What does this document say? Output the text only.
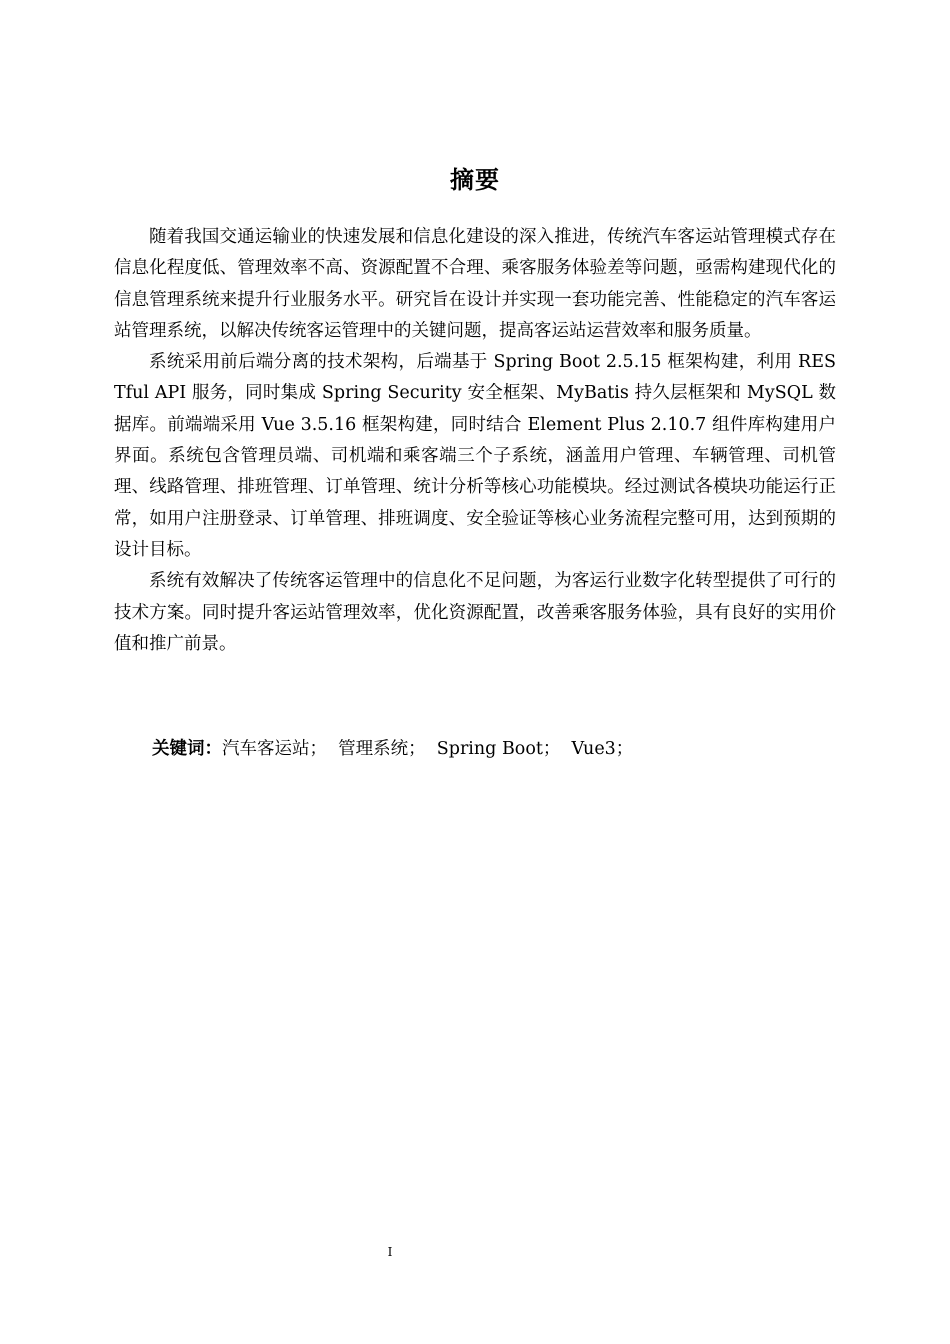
摘要

随着我国交通运输业的快速发展和信息化建设的深入推进，传统汽车客运站管理模式存在信息化程度低、管理效率不高、资源配置不合理、乘客服务体验差等问题，亟需构建现代化的信息管理系统来提升行业服务水平。研究旨在设计并实现一套功能完善、性能稳定的汽车客运站管理系统，以解决传统客运管理中的关键问题，提高客运站运营效率和服务质量。

系统采用前后端分离的技术架构，后端基于 Spring Boot 2.5.15 框架构建，利用 RESTful API 服务，同时集成 Spring Security 安全框架、MyBatis 持久层框架和 MySQL 数据库。前端端采用 Vue 3.5.16 框架构建，同时结合 Element Plus 2.10.7 组件库构建用户界面。系统包含管理员端、司机端和乘客端三个子系统，涵盖用户管理、车辆管理、司机管理、线路管理、排班管理、订单管理、统计分析等核心功能模块。经过测试各模块功能运行正常，如用户注册登录、订单管理、排班调度、安全验证等核心业务流程完整可用，达到预期的设计目标。

系统有效解决了传统客运管理中的信息化不足问题，为客运行业数字化转型提供了可行的技术方案。同时提升客运站管理效率，优化资源配置，改善乘客服务体验，具有良好的实用价值和推广前景。

关键词：汽车客运站；  管理系统；  Spring Boot；  Vue3；
I
